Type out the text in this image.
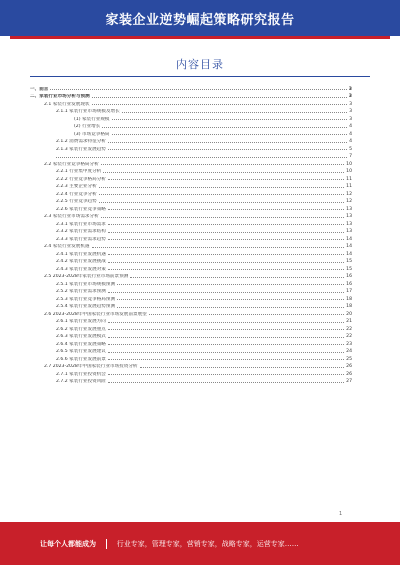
家装企业逆势崛起策略研究报告
内容目录
一、前言	3
二、家装行业市场分析与预测	3
2.1 家装行业发展现状	3
2.1.1 家装行业市场规模及增长	3
(1) 家装行业规模	3
(2) 行业增长	4
(3) 市场竞争格局	4
2.1.2 消费需求特征分析	4
2.1.3 家装行业发展趋势	5
7
2.2 家装行业竞争格局分析	10
2.2.1 行业集中度分析	10
2.2.2 行业竞争格局分析	11
2.2.3 主要企业分析	11
2.2.4 行业竞争分析	12
2.2.5 行业竞争趋势	12
2.2.6 家装行业竞争策略	13
2.3 家装行业市场需求分析	13
2.3.1 家装行业市场需求	13
2.3.2 家装行业需求结构	13
2.3.3 家装行业需求趋势	14
2.4 家装行业发展机遇	14
2.4.1 家装行业发展机遇	14
2.4.2 家装行业发展挑战	15
2.4.3 家装行业发展对策	15
2.5 2023-2028年家装行业市场前景预测	16
2.5.1 家装行业市场规模预测	16
2.5.2 家装行业需求预测	17
2.5.3 家装行业竞争格局预测	18
2.5.4 家装行业发展趋势预测	18
2.6 2023-2028年中国家装行业市场发展前景展望	20
2.6.1 家装行业发展方向	21
2.6.2 家装行业发展重点	22
2.6.3 家装行业发展模式	22
2.6.4 家装行业发展策略	23
2.6.5 家装行业发展建议	24
2.6.6 家装行业发展前景	25
2.7 2023-2028年中国家装行业市场投资分析	26
2.7.1 家装行业投资机会	26
2.7.2 家装行业投资风险	27
1
让每个人都能成为	行业专家，管理专家，营销专家，战略专家，运营专家……
